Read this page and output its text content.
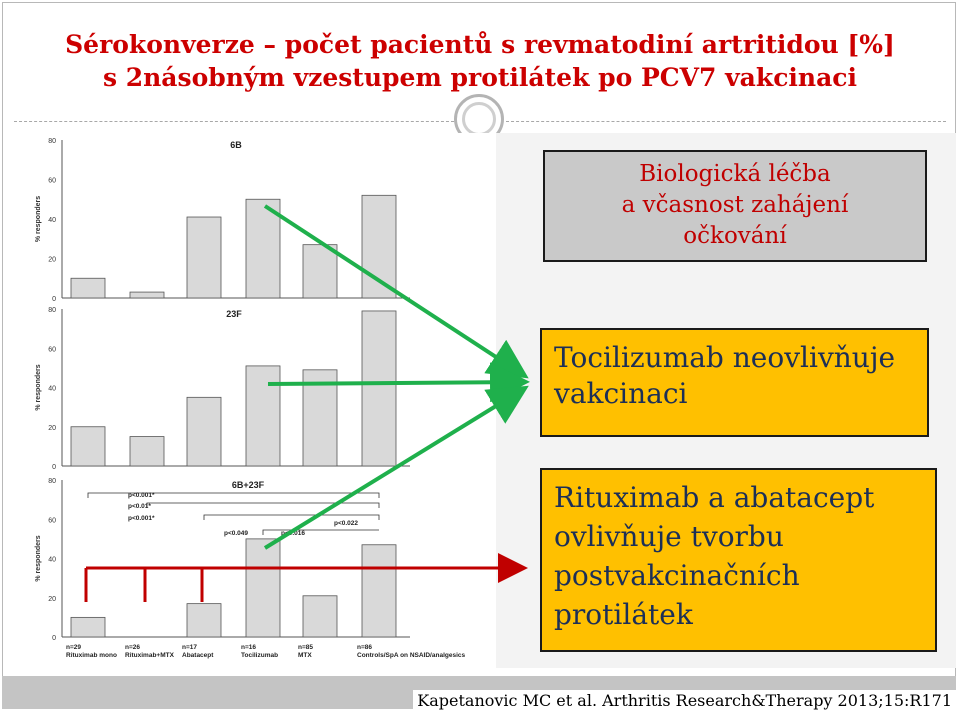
Sérokonverze – počet pacientů s revmatodiní artritidou [%]
s 2násobným vzestupem protilátek po PCV7 vakcinaci
Biologická léčba
a včasnost zahájení
očkování
Tocilizumab neovlivňuje
vakcinaci
Rituximab a abatacept
ovlivňuje tvorbu
postvakcinačních
protilátek
Kapetanovic MC et al. Arthritis Research&Therapy 2013;15:R171
0
20
40
60
80
% responders
6B
0
20
40
60
80
% responders
23F
0
20
40
60
80
% responders
6B+23F
n=29	n=26	n=17	n=16	n=85	n=86
Rituximab mono Rituximab+MTX Abatacept	Tocilizumab	MTX	Controls/SpA on NSAID/analgesics
p<0.001*
p<0.01*
p<0.001*
p<0.049	p<0.016
p<0.022
